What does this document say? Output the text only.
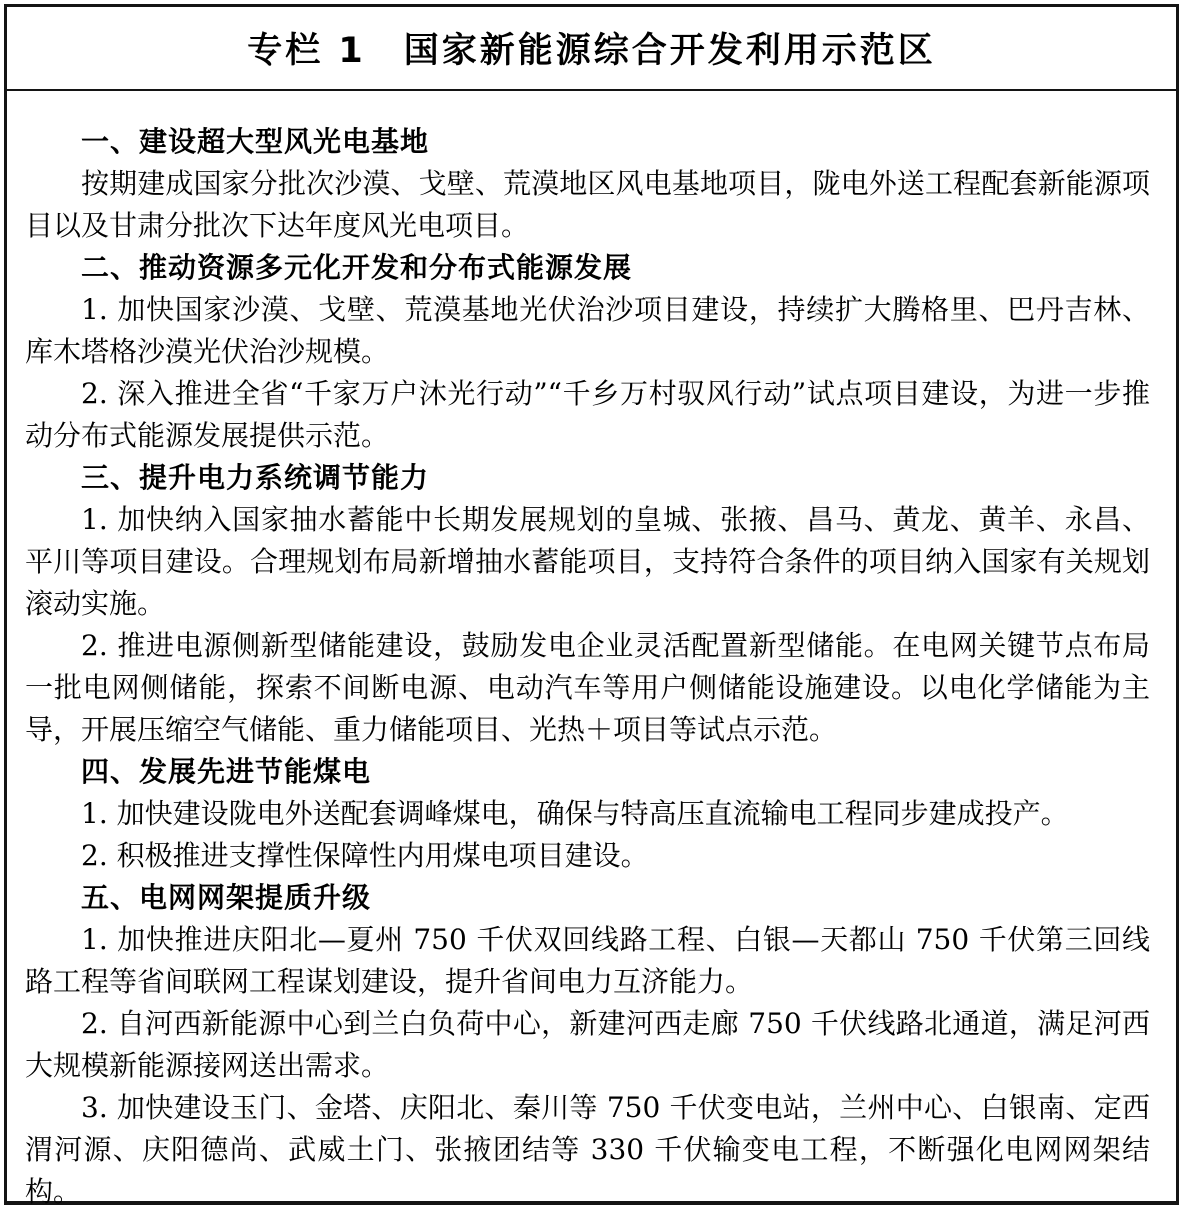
专栏 1　国家新能源综合开发利用示范区
一、建设超大型风光电基地

按期建成国家分批次沙漠、戈壁、荒漠地区风电基地项目，陇电外送工程配套新能源项目以及甘肃分批次下达年度风光电项目。

二、推动资源多元化开发和分布式能源发展

1. 加快国家沙漠、戈壁、荒漠基地光伏治沙项目建设，持续扩大腾格里、巴丹吉林、库木塔格沙漠光伏治沙规模。

2. 深入推进全省“千家万户沐光行动”“千乡万村驭风行动”试点项目建设，为进一步推动分布式能源发展提供示范。

三、提升电力系统调节能力

1. 加快纳入国家抽水蓄能中长期发展规划的皇城、张掖、昌马、黄龙、黄羊、永昌、平川等项目建设。合理规划布局新增抽水蓄能项目，支持符合条件的项目纳入国家有关规划滚动实施。

2. 推进电源侧新型储能建设，鼓励发电企业灵活配置新型储能。在电网关键节点布局一批电网侧储能，探索不间断电源、电动汽车等用户侧储能设施建设。以电化学储能为主导，开展压缩空气储能、重力储能项目、光热＋项目等试点示范。

四、发展先进节能煤电

1. 加快建设陇电外送配套调峰煤电，确保与特高压直流输电工程同步建成投产。

2. 积极推进支撑性保障性内用煤电项目建设。

五、电网网架提质升级

1. 加快推进庆阳北—夏州 750 千伏双回线路工程、白银—天都山 750 千伏第三回线路工程等省间联网工程谋划建设，提升省间电力互济能力。

2. 自河西新能源中心到兰白负荷中心，新建河西走廊 750 千伏线路北通道，满足河西大规模新能源接网送出需求。

3. 加快建设玉门、金塔、庆阳北、秦川等 750 千伏变电站，兰州中心、白银南、定西渭河源、庆阳德尚、武威土门、张掖团结等 330 千伏输变电工程，不断强化电网网架结构。
